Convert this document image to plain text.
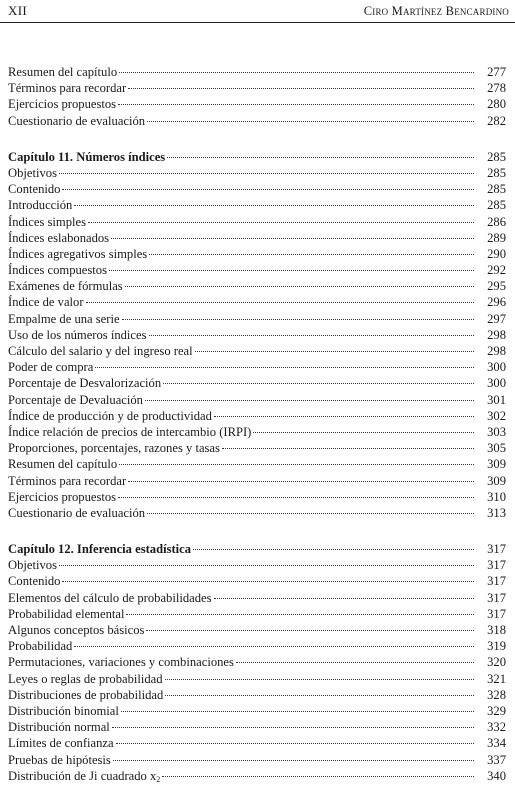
XII	Ciro Martínez Bencardino
Resumen del capítulo	277
Términos para recordar	278
Ejercicios propuestos	280
Cuestionario de evaluación	282
Capítulo 11. Números índices	285
Objetivos	285
Contenido	285
Introducción	285
Índices simples	286
Índices eslabonados	289
Índices agregativos simples	290
Índices compuestos	292
Exámenes de fórmulas	295
Índice de valor	296
Empalme de una serie	297
Uso de los números índices	298
Cálculo del salario y del ingreso real	298
Poder de compra	300
Porcentaje de Desvalorización	300
Porcentaje de Devaluación	301
Índice de producción y de productividad	302
Índice relación de precios de intercambio (IRPI)	303
Proporciones, porcentajes, razones y tasas	305
Resumen del capítulo	309
Términos para recordar	309
Ejercicios propuestos	310
Cuestionario de evaluación	313
Capítulo 12. Inferencia estadística	317
Objetivos	317
Contenido	317
Elementos del cálculo de probabilidades	317
Probabilidad elemental	317
Algunos conceptos básicos	318
Probabilidad	319
Permutaciones, variaciones y combinaciones	320
Leyes o reglas de probabilidad	321
Distribuciones de probabilidad	328
Distribución binomial	329
Distribución normal	332
Límites de confianza	334
Pruebas de hipótesis	337
Distribución de Ji cuadrado x2	340
